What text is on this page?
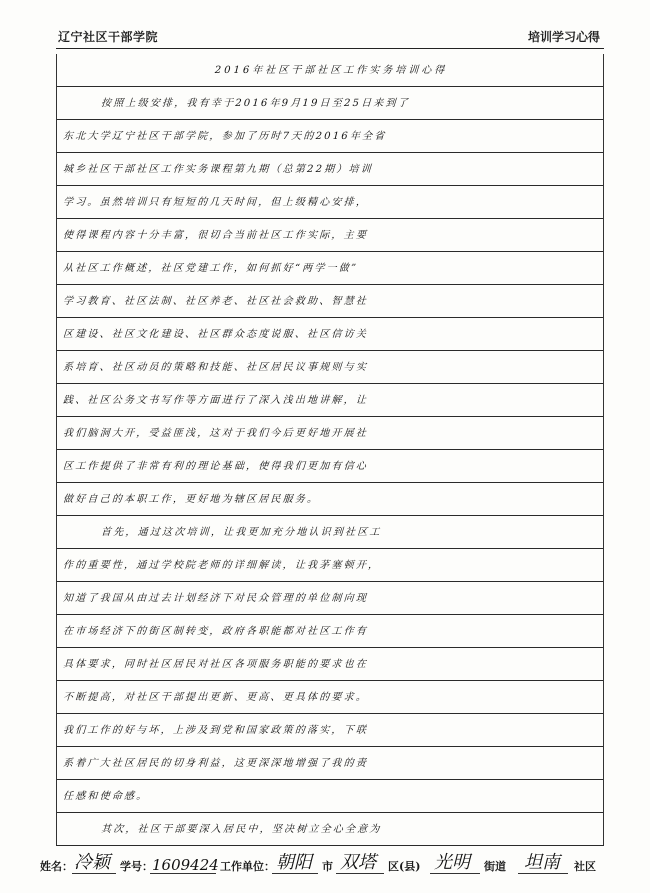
辽宁社区干部学院	培训学习心得
2016年社区干部社区工作实务培训心得
按照上级安排，我有幸于2016年9月19日至25日来到了
东北大学辽宁社区干部学院，参加了历时7天的2016年全省
城乡社区干部社区工作实务课程第九期（总第22期）培训
学习。虽然培训只有短短的几天时间，但上级精心安排，
使得课程内容十分丰富，很切合当前社区工作实际，主要
从社区工作概述，社区党建工作，如何抓好“两学一做”
学习教育、社区法制、社区养老、社区社会救助、智慧社
区建设、社区文化建设、社区群众态度说服、社区信访关
系培育、社区动员的策略和技能、社区居民议事规则与实
践、社区公务文书写作等方面进行了深入浅出地讲解，让
我们脑洞大开，受益匪浅，这对于我们今后更好地开展社
区工作提供了非常有利的理论基础，使得我们更加有信心
做好自己的本职工作，更好地为辖区居民服务。
首先，通过这次培训，让我更加充分地认识到社区工
作的重要性，通过学校院老师的详细解读，让我茅塞顿开，
知道了我国从由过去计划经济下对民众管理的单位制向现
在市场经济下的街区制转变，政府各职能都对社区工作有
具体要求，同时社区居民对社区各项服务职能的要求也在
不断提高，对社区干部提出更新、更高、更具体的要求。
我们工作的好与坏，上涉及到党和国家政策的落实，下联
系着广大社区居民的切身利益，这更深深地增强了我的责
任感和使命感。
其次，社区干部要深入居民中，坚决树立全心全意为
姓名： 冷颖 学号： 1609424 工作单位： 朝阳 市 双塔 区(县) 光明 街道 坦南 社区
